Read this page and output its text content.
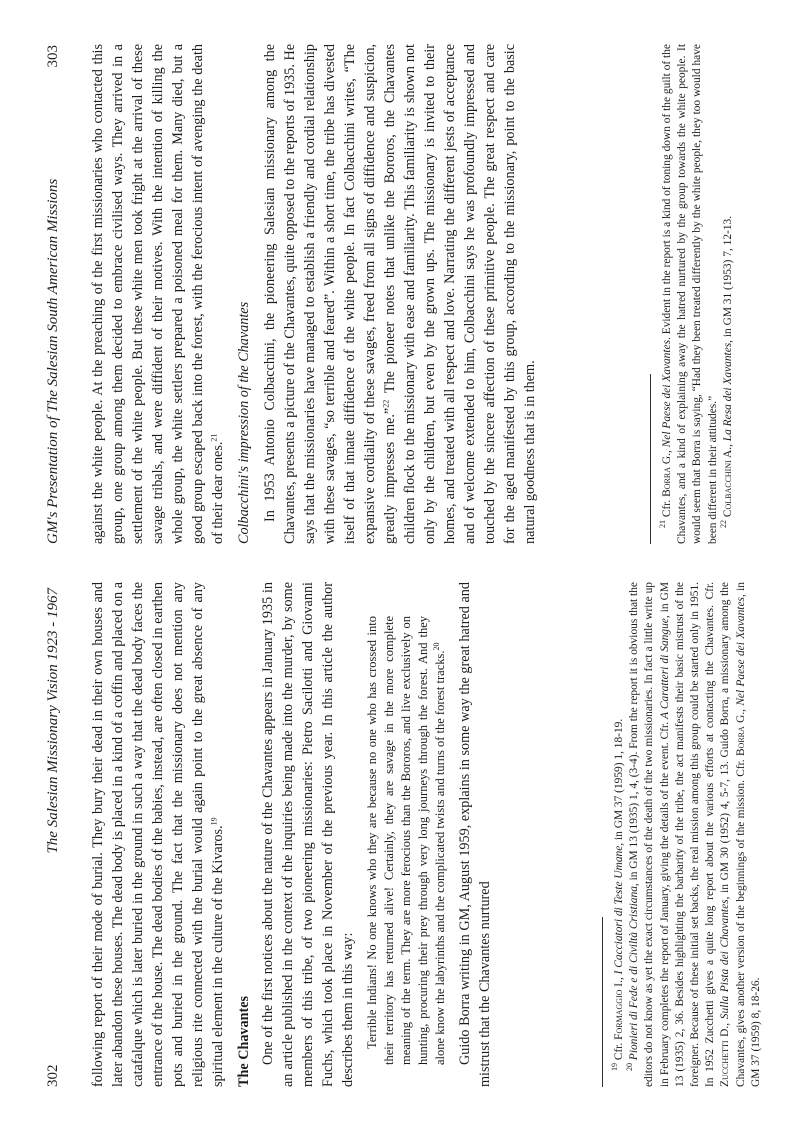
302
The Salesian Missionary Vision 1923 - 1967 following report of their mode of burial. They bury their dead in their own houses and later abandon these houses. The dead body is placed in a kind of a coffin and placed on a catafalque which is later buried in the ground in such a way that the dead body faces the entrance of the house. The dead bodies of the babies, instead, are often closed in earthen pots and buried in the ground. The fact that the missionary does not mention any religious rite connected with the burial would again point to the great absence of any spiritual element in the culture of the Kivaros.$^{19}$

The Chavantes One of the first notices about the nature of the Chavantes appears in January 1935 in an article published in the context of the inquiries being made into the murder, by some members of this tribe, of two pioneering missionaries: Pietro Sacilotti and Giovanni Fuchs, which took place in November of the previous year. In this article the author describes them in this way: Terrible Indians! No one knows who they are because no one who has crossed into their territory has returned alive! Certainly, they are savage in the more complete meaning of the term. They are more ferocious than the Bororos, and live exclusively on hunting, procuring their prey through very long journeys through the forest. And they alone know the labyrinths and the complicated twists and turns of the forest tracks.$^{20}$	Guido Borra writing in GM, August 1959, explains in some way the great hatred and mistrust that the Chavantes nurtured	$^{19}$ Cfr. Formaggio I., I Cacciatori di Teste Umane, in GM 37 (1959) 1, 18-19.

$^{20}$ Pionieri di Fede e di Civiltà Cristiana, in GM 13 (1935) 1, 4, (3-4). From the report it is obvious that the editors do not know as yet the exact circumstances of the death of the two missionaries. In fact a little write up in February completes the report of January, giving the details of the event. Cfr. A Caratteri di Sangue, in GM 13 (1935) 2, 36. Besides highlighting the barbarity of the tribe, the act manifests their basic mistrust of the foreigner. Because of these initial set backs, the real mission among this group could be started only in 1951. In 1952 Zucchetti gives a quite long report about the various efforts at contacting the Chavantes. Cfr. Zucchetti D., Sulla Pista dei Chavantes, in GM 30 (1952) 4, 5-7, 13. Guido Borra, a missionary among the Chavantes, gives another version of the beginnings of the mission. Cfr. Borra G., Nel Paese dei Xavantes, in GM 37 (1959) 8, 18-26.

GM's Presentation of The Salesian South American Missions
303 against the white people. At the preaching of the first missionaries who contacted this group, one group among them decided to embrace civilised ways. They arrived in a settlement of the white people. But these white men took fright at the arrival of these savage tribals, and were diffident of their motives. With the intention of killing the whole group, the white settlers prepared a poisoned meal for them. Many died, but a good group escaped back into the forest, with the ferocious intent of avenging the death of their dear ones.$^{21}$	Colbacchini's impression of the Chavantes In 1953 Antonio Colbacchini, the pioneering Salesian missionary among the Chavantes, presents a picture of the Chavantes, quite opposed to the reports of 1935. He says that the missionaries have managed to establish a friendly and cordial relationship with these savages, “so terrible and feared”. Within a short time, the tribe has divested itself of that innate diffidence of the white people. In fact Colbacchini writes, “The expansive cordiality of these savages, freed from all signs of diffidence and suspicion, greatly impresses me.”$^{22}$ The pioneer notes that unlike the Bororos, the Chavantes children flock to the missionary with ease and familiarity. This familiarity is shown not only by the children, but even by the grown ups. The missionary is invited to their homes, and treated with all respect and love. Narrating the different jests of acceptance and of welcome extended to him, Colbacchini says he was profoundly impressed and touched by the sincere affection of these primitive people. The great respect and care for the aged manifested by this group, according to the missionary, point to the basic natural goodness that is in them.	$^{21}$ Cfr. Borra G., Nel Paese dei Xavantes. Evident in the report is a kind of toning down of the guilt of the Chavantes, and a kind of explaining away the hatred nurtured by the group towards the white people. It would seem that Borra is saying, “Had they been treated differently by the white people, they too would have been different in their attitudes.” $^{22}$ Colbacchini A., La Resa dei Xavantes, in GM 31 (1953) 7, 12-13.
